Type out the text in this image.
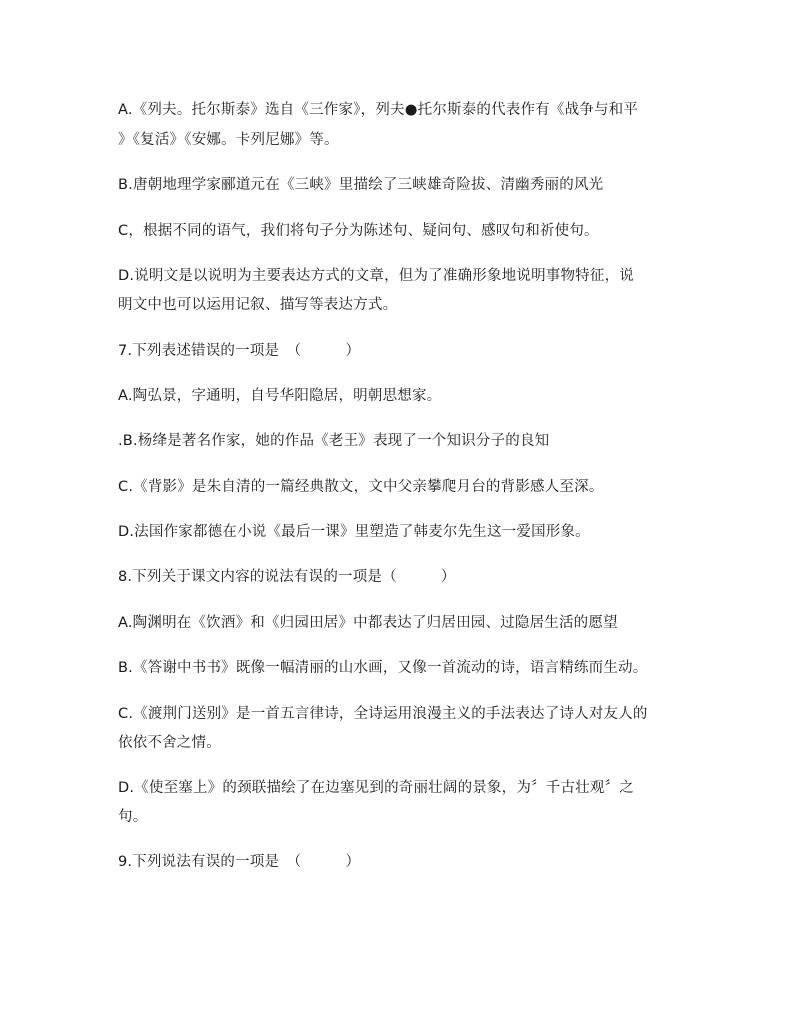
A.《列夫。托尔斯泰》选自《三作家》，列夫●托尔斯泰的代表作有《战争与和平
》《复活》《安娜。卡列尼娜》等。
B.唐朝地理学家郦道元在《三峡》里描绘了三峡雄奇险拔、清幽秀丽的风光
C，根据不同的语气，我们将句子分为陈述句、疑问句、感叹句和祈使句。
D.说明文是以说明为主要表达方式的文章，但为了准确形象地说明事物特征，说
明文中也可以运用记叙、描写等表达方式。
7.下列表述错误的一项是　（　　　）
A.陶弘景，字通明，自号华阳隐居，明朝思想家。
.B.杨绛是著名作家，她的作品《老王》表现了一个知识分子的良知
C.《背影》是朱自清的一篇经典散文，文中父亲攀爬月台的背影感人至深。
D.法国作家都德在小说《最后一课》里塑造了韩麦尔先生这一爱国形象。
8.下列关于课文内容的说法有误的一项是（　　　）
A.陶渊明在《饮酒》和《归园田居》中都表达了归居田园、过隐居生活的愿望
B.《答谢中书书》既像一幅清丽的山水画，又像一首流动的诗，语言精练而生动。
C.《渡荆门送别》是一首五言律诗，全诗运用浪漫主义的手法表达了诗人对友人的
依依不舍之情。
D.《使至塞上》的颈联描绘了在边塞见到的奇丽壮阔的景象，为〞千古壮观〞之
句。
9.下列说法有误的一项是　（　　　）
